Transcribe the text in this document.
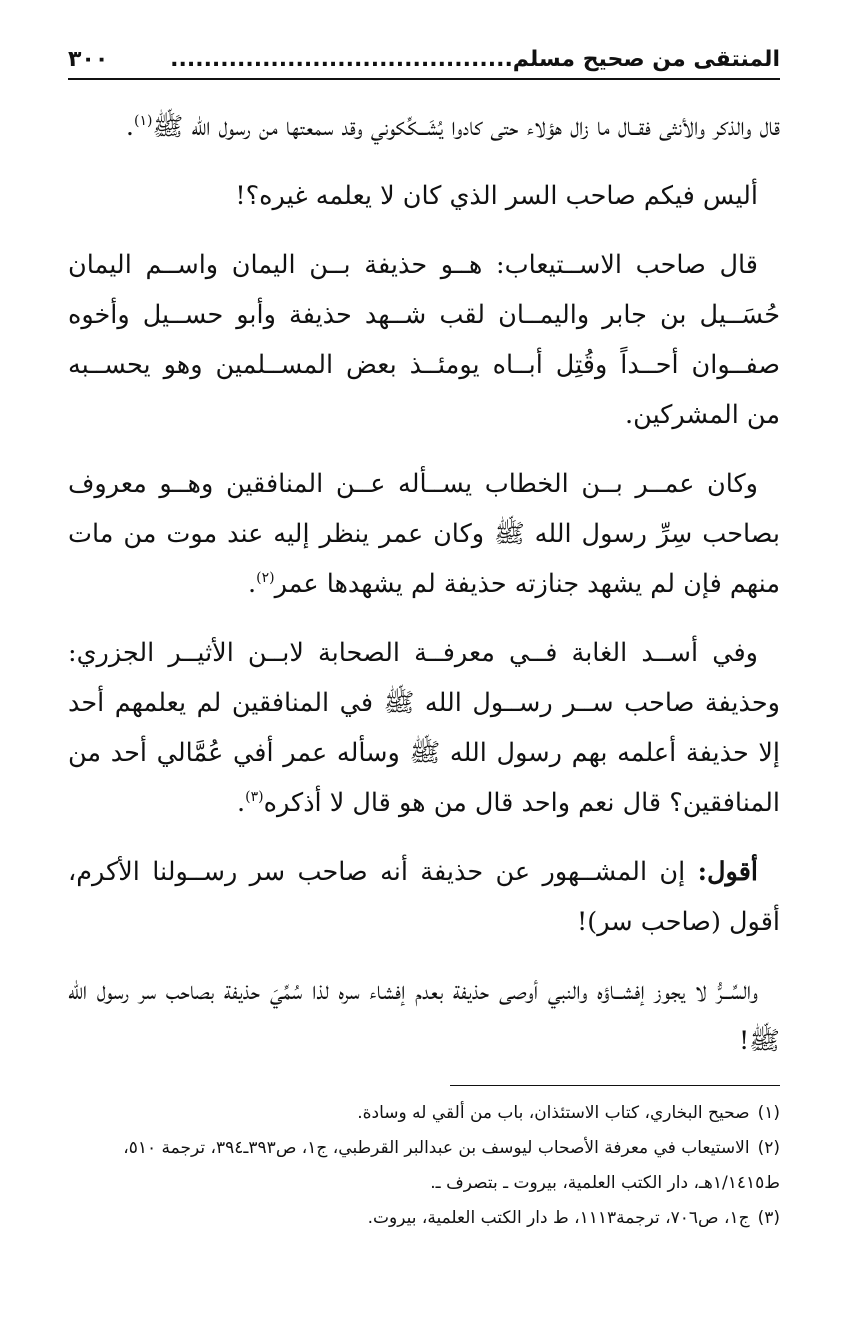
المنتقى من صحيح مسلم.........................................
٣٠٠

قال والذكر والأنثى فقــال ما زال هؤلاء حتى كادوا يُشَــكِّكوني وقد سمعتها من رسول الله ﷺ$^{(١)}$.

أليس فيكم صاحب السر الذي كان لا يعلمه غيره؟!

قال صاحب الاســتيعاب: هــو حذيفة بــن اليمان واســم اليمان حُسَــيل بن جابر واليمــان لقب شــهد حذيفة وأبو حســيل وأخوه صفــوان أحــداً وقُتِل أبــاه يومئــذ بعض المســلمين وهو يحســبه من المشركين.

وكان عمــر بــن الخطاب يســأله عــن المنافقين وهــو معروف بصاحب سِرِّ رسول الله ﷺ وكان عمر ينظر إليه عند موت من مات منهم فإن لم يشهد جنازته حذيفة لم يشهدها عمر$^{(٢)}$.

وفي أســد الغابة فــي معرفــة الصحابة لابــن الأثيــر الجزري: وحذيفة صاحب ســر رســول الله ﷺ في المنافقين لم يعلمهم أحد إلا حذيفة أعلمه بهم رسول الله ﷺ وسأله عمر أفي عُمَّالي أحد من المنافقين؟ قال نعم واحد قال من هو قال لا أذكره$^{(٣)}$.

أقول: إن المشــهور عن حذيفة أنه صاحب سر رســولنا الأكرم، أقول (صاحب سر)!

والسِّــرُّ لا يجوز إفشــاؤه والنبي أوصى حذيفة بعدم إفشاء سره لذا سُمِّيَ حذيفة بصاحب سر رسول الله ﷺ!

(١)صحيح البخاري، كتاب الاستئذان، باب من ألقي له وسادة.

(٢)الاستيعاب في معرفة الأصحاب ليوسف بن عبدالبر القرطبي، ج١، ص٣٩٣ـ٣٩٤، ترجمة ٥١٠، ط١/١٤١٥هـ، دار الكتب العلمية، بيروت ـ بتصرف ـ.

(٣)ج١، ص٧٠٦، ترجمة١١١٣، ط دار الكتب العلمية، بيروت.
